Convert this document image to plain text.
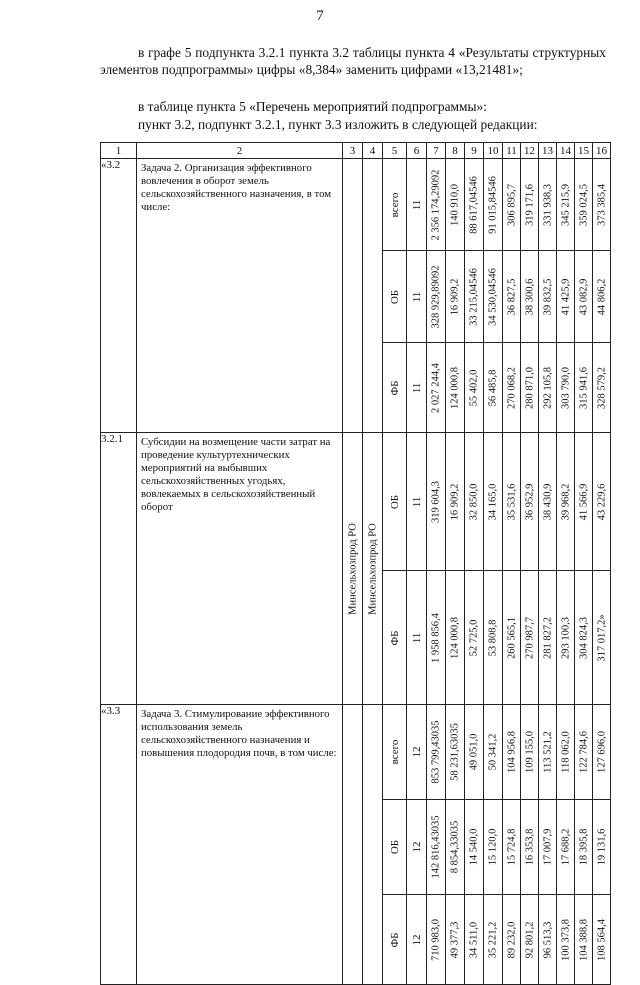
7
в графе 5 подпункта 3.2.1 пункта 3.2 таблицы пункта 4 «Результаты структурных элементов подпрограммы» цифры «8,384» заменить цифрами «13,21481»;
в таблице пункта 5 «Перечень мероприятий подпрограммы»:
пункт 3.2, подпункт 3.2.1, пункт 3.3 изложить в следующей редакции:
1	2	3	4	5	6	7	8	9	10	11	12	13	14	15	16
«3.2	Задача 2. Организация эффективного вовлечения в оборот земель сельскохозяйственного назначения, в том числе:			всего	11	2 356 174,29092	140 910,0	88 617,04546	91 015,84546	306 895,7	319 171,6	331 938,3	345 215,9	359 024,5	373 385,4

				ОБ	11	328 929,89092	16 909,2	33 215,04546	34 530,04546	36 827,5	38 300,6	39 832,5	41 425,9	43 082,9	44 806,2

				ФБ	11	2 027 244,4	124 000,8	55 402,0	56 485,8	270 068,2	280 871,0	292 105,8	303 790,0	315 941,6	328 579,2

3.2.1	Субсидии на возмещение части затрат на проведение культуртехнических мероприятий на выбывших сельскохозяйственных угодьях, вовлекаемых в сельскохозяйственный оборот	Минсельхозпрод РО	Минсельхозпрод РО	ОБ	11	319 604,3	16 909,2	32 850,0	34 165,0	35 531,6	36 952,9	38 430,9	39 968,2	41 566,9	43 229,6

				ФБ	11	1 958 856,4	124 000,8	52 725,0	53 808,8	260 565,1	270 987,7	281 827,2	293 100,3	304 824,3	317 017,2»

«3.3	Задача 3. Стимулирование эффективного использования земель сельскохозяйственного назначения и повышения плодородия почв, в том числе:			всего	12	853 799,43035	58 231,63035	49 051,0	50 341,2	104 956,8	109 155,0	113 521,2	118 062,0	122 784,6	127 696,0

				ОБ	12	142 816,43035	8 854,33035	14 540,0	15 120,0	15 724,8	16 353,8	17 007,9	17 688,2	18 395,8	19 131,6

				ФБ	12	710 983,0	49 377,3	34 511,0	35 221,2	89 232,0	92 801,2	96 513,3	100 373,8	104 388,8	108 564,4
